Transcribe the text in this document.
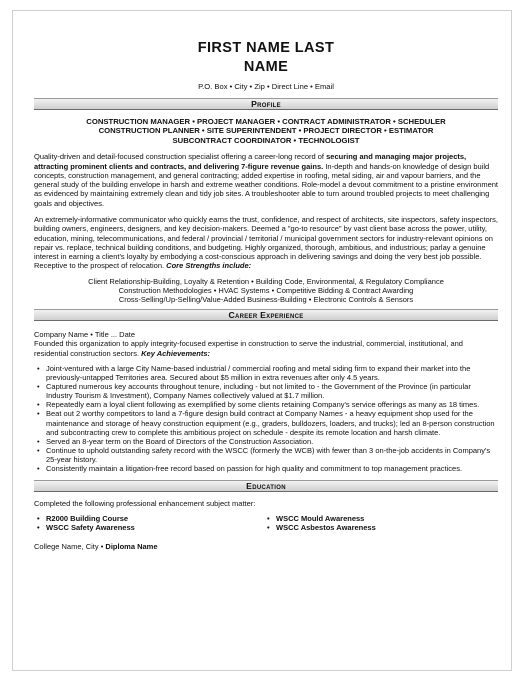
FIRST NAME LAST
NAME
P.O. Box • City • Zip • Direct Line • Email
Profile
CONSTRUCTION MANAGER • PROJECT MANAGER • CONTRACT ADMINISTRATOR • SCHEDULER
CONSTRUCTION PLANNER • SITE SUPERINTENDENT • PROJECT DIRECTOR • ESTIMATOR
SUBCONTRACT COORDINATOR • TECHNOLOGIST

Quality-driven and detail-focused construction specialist offering a career-long record of securing and managing major projects, attracting prominent clients and contracts, and delivering 7-figure revenue gains. In-depth and hands-on knowledge of design build concepts, construction management, and general contracting; added expertise in roofing, metal siding, air and vapour barriers, and the general study of the building envelope in harsh and extreme weather conditions. Role-model a devout commitment to a pristine environment as evidenced by maintaining extremely clean and tidy job sites. A troubleshooter able to turn around troubled projects to meet challenging goals and objectives.

An extremely-informative communicator who quickly earns the trust, confidence, and respect of architects, site inspectors, safety inspectors, building owners, engineers, designers, and key decision-makers. Deemed a "go-to resource" by vast client base across the power, utility, education, mining, telecommunications, and federal / provincial / territorial / municipal government sectors for industry-relevant opinions on repair vs. replace, technical building conditions, and budgeting. Highly organized, thorough, ambitious, and industrious; parlay a genuine interest in earning a client's loyalty by embodying a cost-conscious approach in delivering savings and doing the very best job possible. Receptive to the prospect of relocation. Core Strengths include:

Client Relationship-Building, Loyalty & Retention • Building Code, Environmental, & Regulatory Compliance
Construction Methodologies • HVAC Systems • Competitive Bidding & Contract Awarding
Cross-Selling/Up-Selling/Value-Added Business-Building • Electronic Controls & Sensors
Career Experience
Company Name • Title ... Date

Founded this organization to apply integrity-focused expertise in construction to serve the industrial, commercial, institutional, and residential construction sectors. Key Achievements:

• Joint-ventured with a large City Name-based industrial / commercial roofing and metal siding firm to expand their market into the previously-untapped Territories area. Secured about $5 million in extra revenues after only 4.5 years.
• Captured numerous key accounts throughout tenure, including - but not limited to - the Government of the Province (in particular Industry Tourism & Investment), Company Names collectively valued at $1.7 million.
• Repeatedly earn a loyal client following as exemplified by some clients retaining Company's service offerings as many as 18 times.
• Beat out 2 worthy competitors to land a 7-figure design build contract at Company Names - a heavy equipment shop used for the maintenance and storage of heavy construction equipment (e.g., graders, bulldozers, loaders, and trucks); led an 8-person construction and subcontracting crew to complete this ambitious project on schedule - despite its remote location and harsh climate.
• Served an 8-year term on the Board of Directors of the Construction Association.
• Continue to uphold outstanding safety record with the WSCC (formerly the WCB) with fewer than 3 on-the-job accidents in Company's 25-year history.
• Consistently maintain a litigation-free record based on passion for high quality and commitment to top management practices.
Education
Completed the following professional enhancement subject matter:
• R2000 Building Course
• WSCC Safety Awareness
• WSCC Mould Awareness
• WSCC Asbestos Awareness
College Name, City • Diploma Name
